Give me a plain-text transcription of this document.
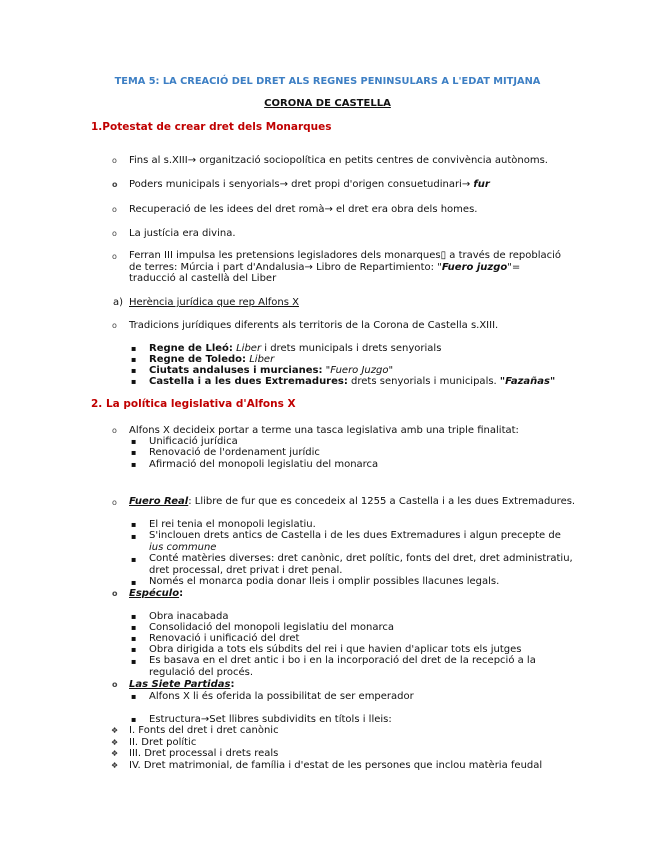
TEMA 5: LA CREACIÓ DEL DRET ALS REGNES PENINSULARS A L'EDAT MITJANA
CORONA DE CASTELLA
1.Potestat de crear dret dels Monarques
o Fins al s.XIII→ organització sociopolítica en petits centres de convivència autònoms.
o Poders municipals i senyorials→ dret propi d'origen consuetudinari→ fur
o Recuperació de les idees del dret romà→ el dret era obra dels homes.
o La justícia era divina.
o Ferran III impulsa les pretensions legisladores dels monarques▯ a través de repoblació de terres: Múrcia i part d'Andalusia→ Libro de Repartimiento: "Fuero juzgo"= traducció al castellà del Liber
a) Herència jurídica que rep Alfons X
o Tradicions jurídiques diferents als territoris de la Corona de Castella s.XIII.
▪ Regne de Lleó: Liber i drets municipals i drets senyorials
▪ Regne de Toledo: Liber
▪ Ciutats andaluses i murcianes: "Fuero Juzgo"
▪ Castella i a les dues Extremadures: drets senyorials i municipals. "Fazañas"
2. La política legislativa d'Alfons X
o Alfons X decideix portar a terme una tasca legislativa amb una triple finalitat:
▪ Unificació jurídica
▪ Renovació de l'ordenament jurídic
▪ Afirmació del monopoli legislatiu del monarca
o Fuero Real: Llibre de fur que es concedeix al 1255 a Castella i a les dues Extremadures.
▪ El rei tenia el monopoli legislatiu.
▪ S'inclouen drets antics de Castella i de les dues Extremadures i algun precepte de ius commune
▪ Conté matèries diverses: dret canònic, dret polític, fonts del dret, dret administratiu, dret processal, dret privat i dret penal.
▪ Només el monarca podia donar lleis i omplir possibles llacunes legals.
o Espéculo:
▪ Obra inacabada
▪ Consolidació del monopoli legislatiu del monarca
▪ Renovació i unificació del dret
▪ Obra dirigida a tots els súbdits del rei i que havien d'aplicar tots els jutges
▪ Es basava en el dret antic i bo i en la incorporació del dret de la recepció a la regulació del procés.
o Las Siete Partidas:
▪ Alfons X li és oferida la possibilitat de ser emperador
▪ Estructura→Set llibres subdividits en títols i lleis:
❖ I. Fonts del dret i dret canònic
❖ II. Dret polític
❖ III. Dret processal i drets reals
❖ IV. Dret matrimonial, de família i d'estat de les persones que inclou matèria feudal
